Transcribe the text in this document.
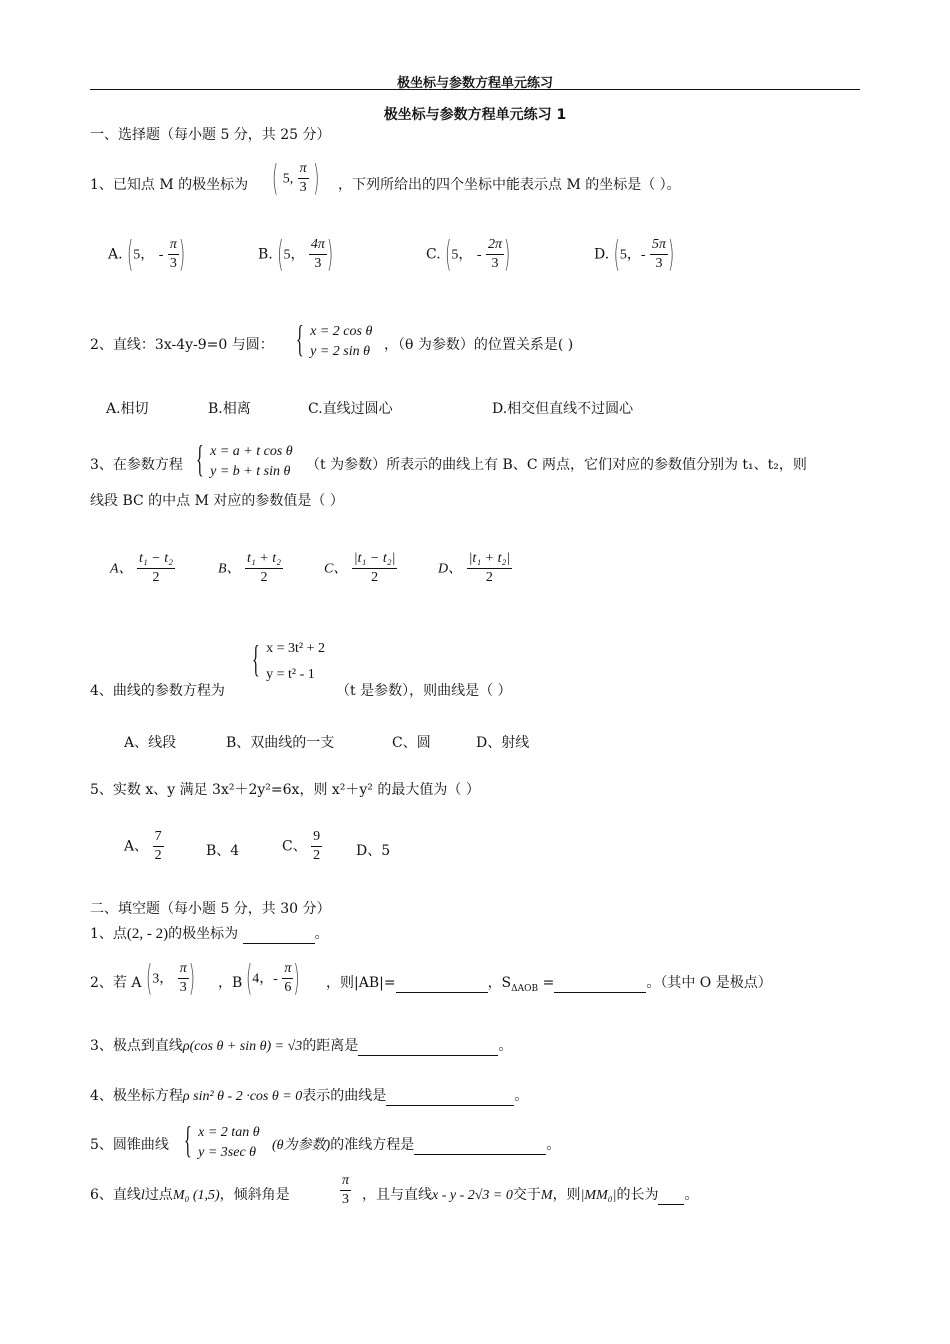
极坐标与参数方程单元练习
极坐标与参数方程单元练习 1
一、选择题（每小题 5 分，共 25 分）
1、已知点 M 的极坐标为 ( 5, $\frac{\pi}{3}$ ) ，下列所给出的四个坐标中能表示点 M 的坐标是（ ）。
A. (5， - $\frac{\pi}{3}$ )	B. (5， $\frac{4\pi}{3}$ )	C. (5， - $\frac{2\pi}{3}$ )	D. (5，- $\frac{5\pi}{3}$ )
2、直线：3x-4y-9=0 与圆： { x = 2 cos θ
y = 2 sin θ ，（θ 为参数）的位置关系是( )
A.相切	B.相离	C.直线过圆心	D.相交但直线不过圆心
3、在参数方程 { x = a + t cos θ
y = b + t sin θ （t 为参数）所表示的曲线上有 B、C 两点，它们对应的参数值分别为 t₁、t₂，则
线段 BC 的中点 M 对应的参数值是（ ）
A、 $\frac{\text{t₁ − t₂}}{2}$	B、 $\frac{\text{t₁ + t₂}}{2}$	C、 $\frac{\text{|t₁ − t₂|}}{2}$	D、 $\frac{\text{|t₁ + t₂|}}{2}$
{ x = 3t² + 2
y = t² - 1
4、曲线的参数方程为	（t 是参数），则曲线是（ ）
A、线段	B、双曲线的一支	C、圆	D、射线
5、实数 x、y 满足 3x²＋2y²=6x，则 x²＋y² 的最大值为（ ）
A、 $\frac{7}{2}$	B、4	C、 $\frac{9}{2}$ D、5
二、填空题（每小题 5 分，共 30 分）
1、点(2, - 2)的极坐标为	。
2、若 A (3， $\frac{\pi}{3}$ ) ，B (4，- $\frac{\pi}{6}$ ) ，则|AB|=	，$S_{\Delta AOB}$ =	。（其中 O 是极点）
3、极点到直线ρ(cos θ + sin θ) = √3的距离是	。
4、极坐标方程ρ sin² θ - 2 ·cos θ = 0表示的曲线是	。
5、圆锥曲线 { x = 2 tan θ
y = 3sec θ (θ为参数)的准线方程是	。
6、直线l过点M₀ (1,5)，倾斜角是	$\frac{\pi}{3}$ ，且与直线x - y - 2√3 = 0交于M，则|MM₀|的长为 。
